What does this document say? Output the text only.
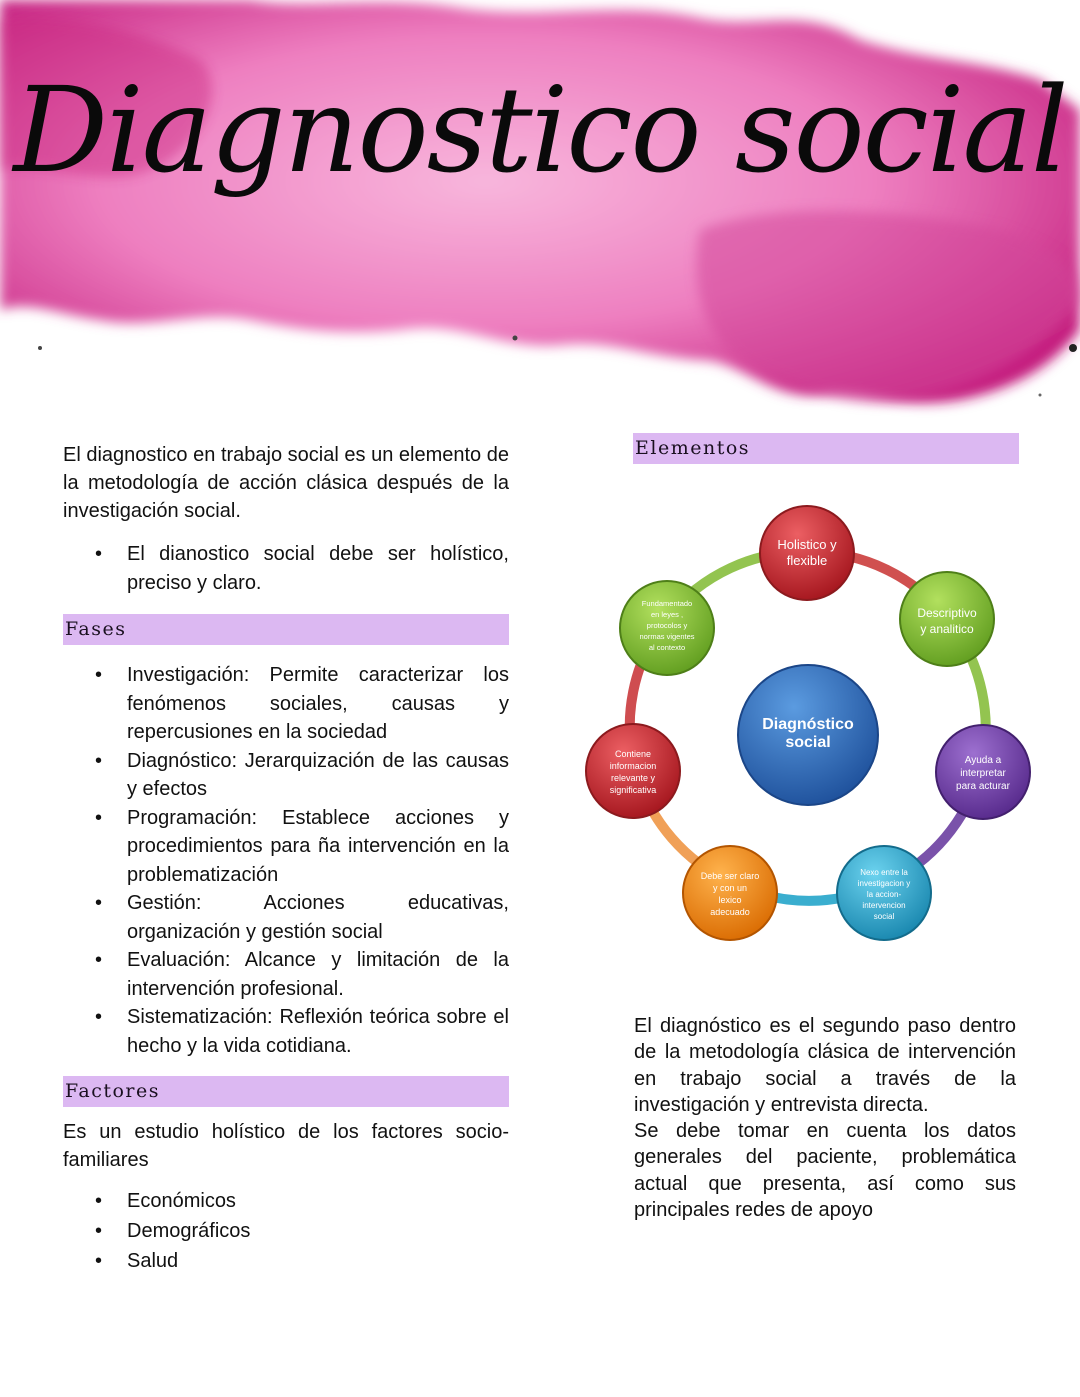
Diagnostico social

El diagnostico en trabajo social es un elemento de la metodología de acción clásica después de la investigación social.

• El dianostico social debe ser holístico, preciso y claro.
Fases
• Investigación: Permite caracterizar los fenómenos sociales, causas y repercusiones en la sociedad
• Diagnóstico: Jerarquización de las causas y efectos
• Programación: Establece acciones y procedimientos para ña intervención en la problematización
• Gestión: Acciones educativas, organización y gestión social
• Evaluación: Alcance y limitación de la intervención profesional.
• Sistematización: Reflexión teórica sobre el hecho y la vida cotidiana.
Factores

Es un estudio holístico de los factores socio-familiares

• Económicos
• Demográficos
• Salud
Elementos
Diagnóstico
social
Holistico y
flexible
Descriptivo
y analitico
Ayuda a
interpretar
para acturar
Nexo entre la
investigacion y
la accion-
intervencion
social
Debe ser claro
y con un
lexico
adecuado
Contiene
informacion
relevante y
significativa
Fundamentado
en leyes ,
protocolos y
normas vigentes
al contexto

El diagnóstico es el segundo paso dentro de la metodología clásica de intervención en trabajo social a través de la investigación y entrevista directa.

Se debe tomar en cuenta los datos generales del paciente, problemática actual que presenta, así como sus principales redes de apoyo
